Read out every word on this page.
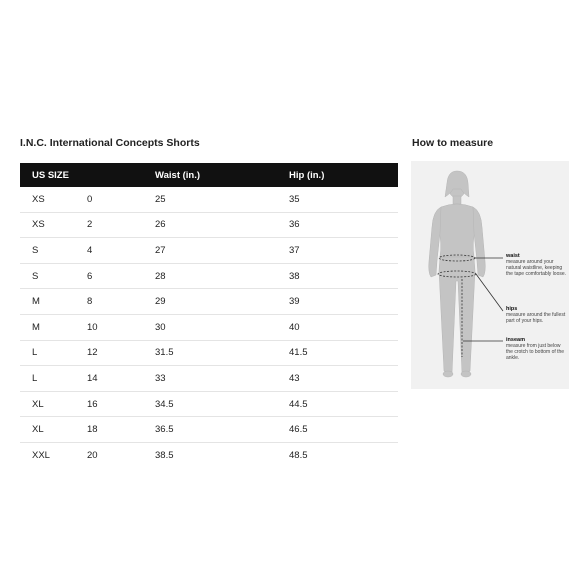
I.N.C. International Concepts Shorts	How to measure
US SIZE		Waist (in.)	Hip (in.)
XS	0	25	35
XS	2	26	36
S	4	27	37
S	6	28	38
M	8	29	39
M	10	30	40
L	12	31.5	41.5
L	14	33	43
XL	16	34.5	44.5
XL	18	36.5	46.5
XXL	20	38.5	48.5
waist
measure around your natural waistline, keeping the tape comfortably loose.
hips
measure around the fullest part of your hips.
inseam
measure from just below the crotch to bottom of the ankle.
